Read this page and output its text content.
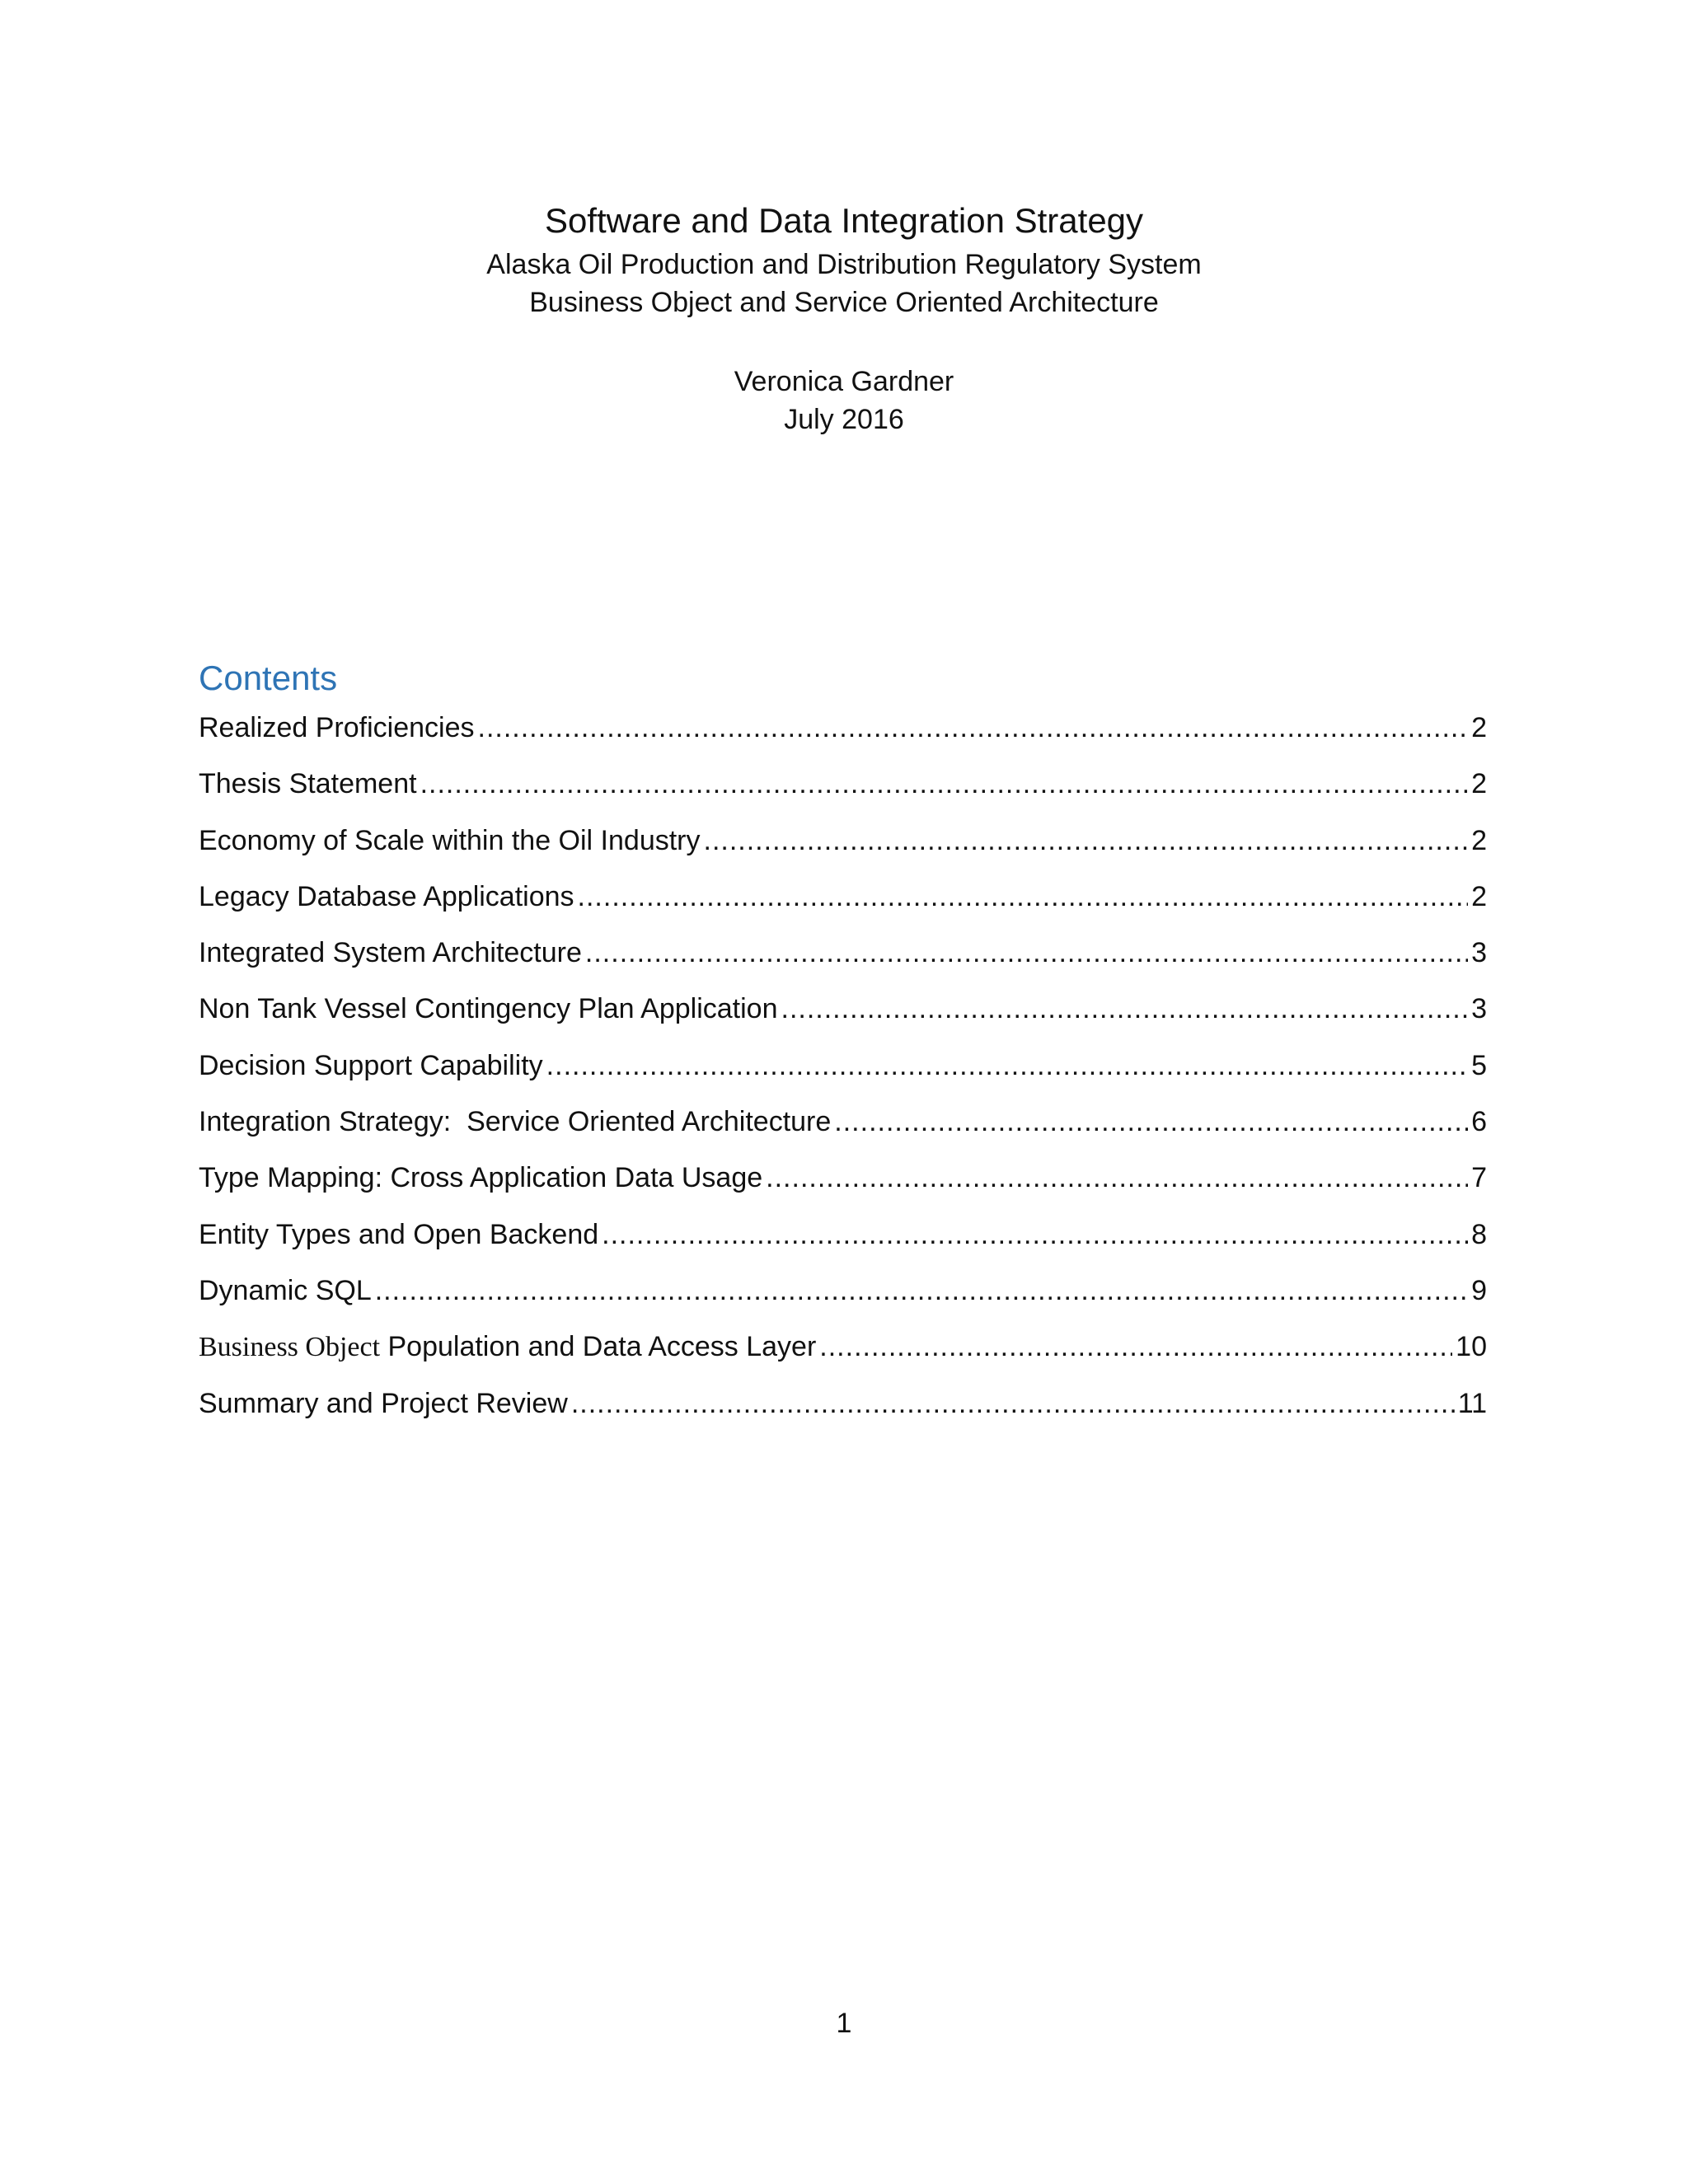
Software and Data Integration Strategy

Alaska Oil Production and Distribution Regulatory System

Business Object and Service Oriented Architecture

Veronica Gardner
July 2016
Contents
Realized Proficiencies .....	2
Thesis Statement .....	2
Economy of Scale within the Oil Industry .....	2
Legacy Database Applications .....	2
Integrated System Architecture .....	3
Non Tank Vessel Contingency Plan Application .....	3
Decision Support Capability .....	5
Integration Strategy:  Service Oriented Architecture .....	6
Type Mapping: Cross Application Data Usage .....	7
Entity Types and Open Backend .....	8
Dynamic SQL .....	9
Business Object Population and Data Access Layer .....	10
Summary and Project Review .....	11
1
